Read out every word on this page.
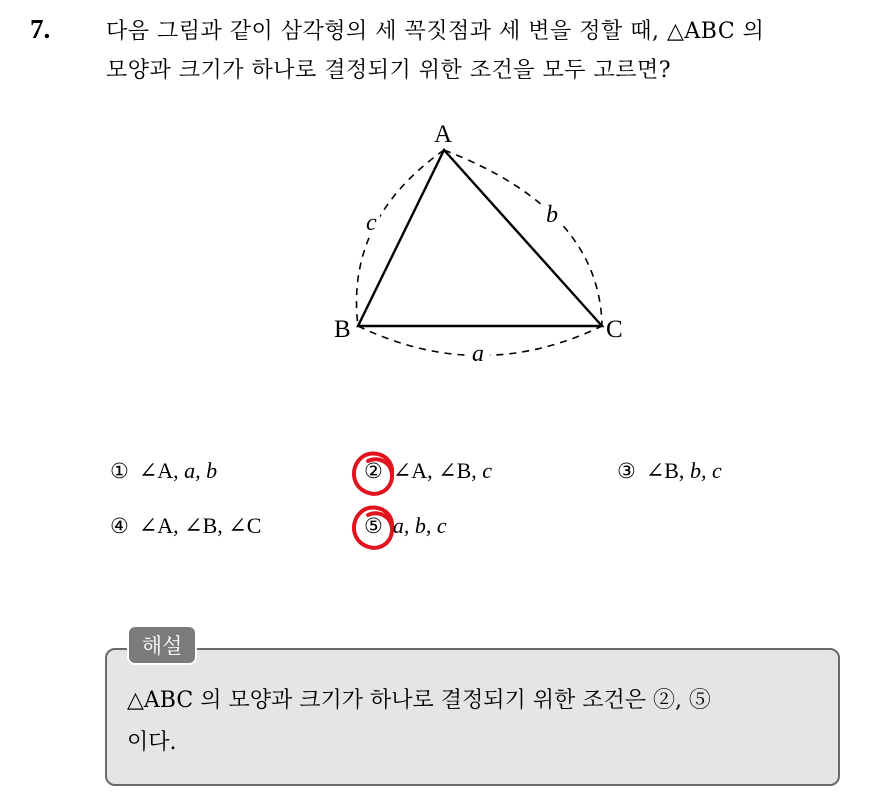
7.	다음 그림과 같이 삼각형의 세 꼭짓점과 세 변을 정할 때, △ABC 의
모양과 크기가 하나로 결정되기 위한 조건을 모두 고르면?
A
B	C
c	b
a
① ∠A, a, b	② ∠A, ∠B, c	③ ∠B, b, c
④ ∠A, ∠B, ∠C	⑤ a, b, c
해설
△ABC 의 모양과 크기가 하나로 결정되기 위한 조건은 ②, ⑤
이다.
